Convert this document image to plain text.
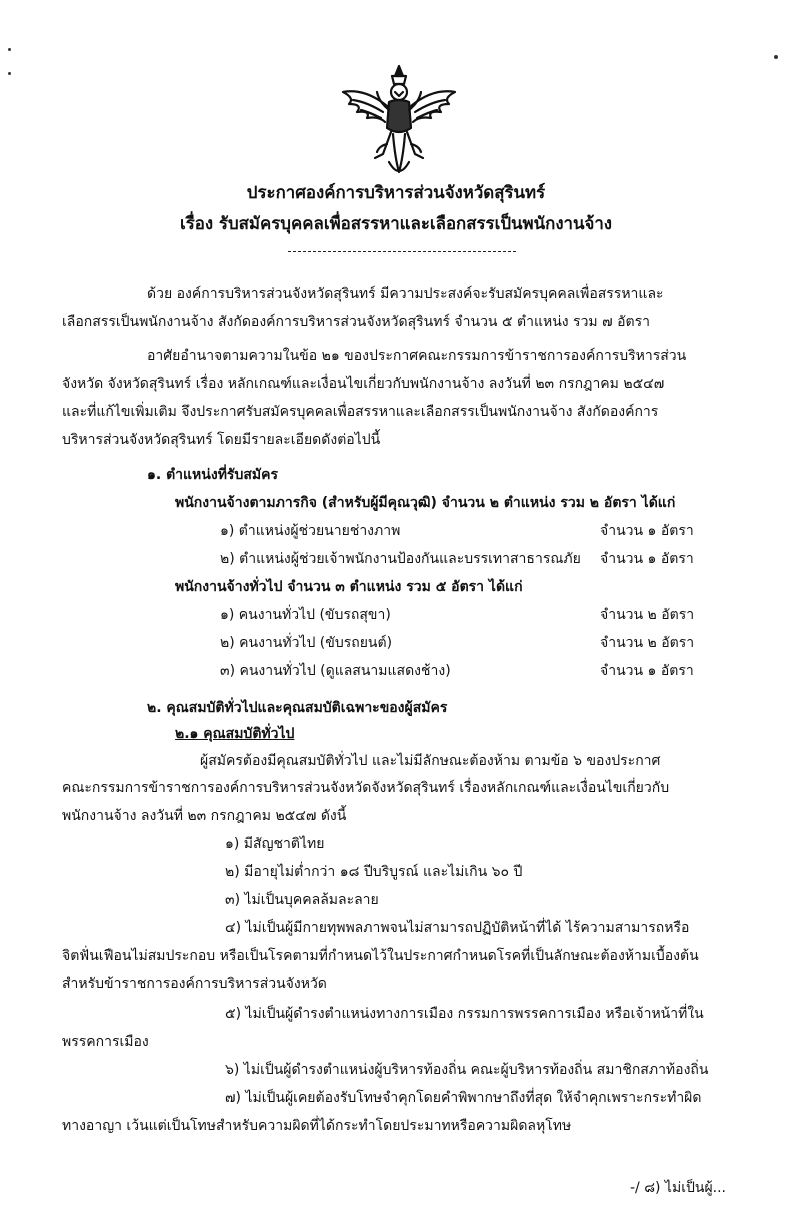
ประกาศองค์การบริหารส่วนจังหวัดสุรินทร์
เรื่อง รับสมัครบุคคลเพื่อสรรหาและเลือกสรรเป็นพนักงานจ้าง
ด้วย องค์การบริหารส่วนจังหวัดสุรินทร์ มีความประสงค์จะรับสมัครบุคคลเพื่อสรรหาและ
เลือกสรรเป็นพนักงานจ้าง สังกัดองค์การบริหารส่วนจังหวัดสุรินทร์ จำนวน ๕ ตำแหน่ง รวม ๗ อัตรา
อาศัยอำนาจตามความในข้อ ๒๑ ของประกาศคณะกรรมการข้าราชการองค์การบริหารส่วน
จังหวัด จังหวัดสุรินทร์ เรื่อง หลักเกณฑ์และเงื่อนไขเกี่ยวกับพนักงานจ้าง ลงวันที่ ๒๓ กรกฎาคม ๒๕๔๗
และที่แก้ไขเพิ่มเติม จึงประกาศรับสมัครบุคคลเพื่อสรรหาและเลือกสรรเป็นพนักงานจ้าง สังกัดองค์การ
บริหารส่วนจังหวัดสุรินทร์ โดยมีรายละเอียดดังต่อไปนี้
๑. ตำแหน่งที่รับสมัคร
พนักงานจ้างตามภารกิจ (สำหรับผู้มีคุณวุฒิ) จำนวน ๒ ตำแหน่ง รวม ๒ อัตรา ได้แก่
๑) ตำแหน่งผู้ช่วยนายช่างภาพ	จำนวน ๑ อัตรา
๒) ตำแหน่งผู้ช่วยเจ้าพนักงานป้องกันและบรรเทาสาธารณภัย จำนวน ๑ อัตรา
พนักงานจ้างทั่วไป จำนวน ๓ ตำแหน่ง รวม ๕ อัตรา ได้แก่
๑) คนงานทั่วไป (ขับรถสุขา)	จำนวน ๒ อัตรา
๒) คนงานทั่วไป (ขับรถยนต์)	จำนวน ๒ อัตรา
๓) คนงานทั่วไป (ดูแลสนามแสดงช้าง)	จำนวน ๑ อัตรา
๒. คุณสมบัติทั่วไปและคุณสมบัติเฉพาะของผู้สมัคร
๒.๑ คุณสมบัติทั่วไป
ผู้สมัครต้องมีคุณสมบัติทั่วไป และไม่มีลักษณะต้องห้าม ตามข้อ ๖ ของประกาศ
คณะกรรมการข้าราชการองค์การบริหารส่วนจังหวัดจังหวัดสุรินทร์ เรื่องหลักเกณฑ์และเงื่อนไขเกี่ยวกับ
พนักงานจ้าง ลงวันที่ ๒๓ กรกฎาคม ๒๕๔๗ ดังนี้
๑) มีสัญชาติไทย
๒) มีอายุไม่ต่ำกว่า ๑๘ ปีบริบูรณ์ และไม่เกิน ๖๐ ปี
๓) ไม่เป็นบุคคลล้มละลาย
๔) ไม่เป็นผู้มีกายทุพพลภาพจนไม่สามารถปฏิบัติหน้าที่ได้ ไร้ความสามารถหรือ
จิตฟั่นเฟือนไม่สมประกอบ หรือเป็นโรคตามที่กำหนดไว้ในประกาศกำหนดโรคที่เป็นลักษณะต้องห้ามเบื้องต้น
สำหรับข้าราชการองค์การบริหารส่วนจังหวัด
๕) ไม่เป็นผู้ดำรงตำแหน่งทางการเมือง กรรมการพรรคการเมือง หรือเจ้าหน้าที่ใน
พรรคการเมือง
๖) ไม่เป็นผู้ดำรงตำแหน่งผู้บริหารท้องถิ่น คณะผู้บริหารท้องถิ่น สมาชิกสภาท้องถิ่น
๗) ไม่เป็นผู้เคยต้องรับโทษจำคุกโดยคำพิพากษาถึงที่สุด ให้จำคุกเพราะกระทำผิด
ทางอาญา เว้นแต่เป็นโทษสำหรับความผิดที่ได้กระทำโดยประมาทหรือความผิดลหุโทษ
-/ ๘) ไม่เป็นผู้...
